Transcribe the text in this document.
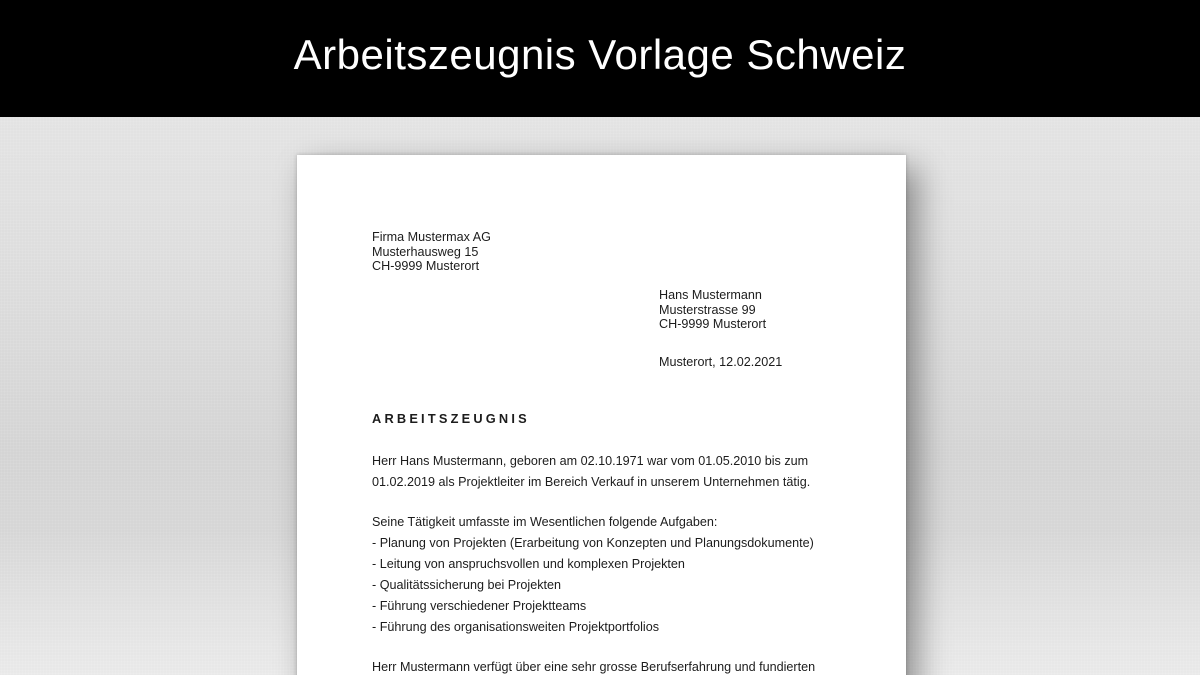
Arbeitszeugnis Vorlage Schweiz
Firma Mustermax AG
Musterhausweg 15
CH-9999 Musterort
Hans Mustermann
Musterstrasse 99
CH-9999 Musterort
Musterort, 12.02.2021
ARBEITSZEUGNIS
Herr Hans Mustermann, geboren am 02.10.1971 war vom 01.05.2010 bis zum
01.02.2019 als Projektleiter im Bereich Verkauf in unserem Unternehmen tätig.
Seine Tätigkeit umfasste im Wesentlichen folgende Aufgaben:
- Planung von Projekten (Erarbeitung von Konzepten und Planungsdokumente)
- Leitung von anspruchsvollen und komplexen Projekten
- Qualitätssicherung bei Projekten
- Führung verschiedener Projektteams
- Führung des organisationsweiten Projektportfolios
Herr Mustermann verfügt über eine sehr grosse Berufserfahrung und fundierten
